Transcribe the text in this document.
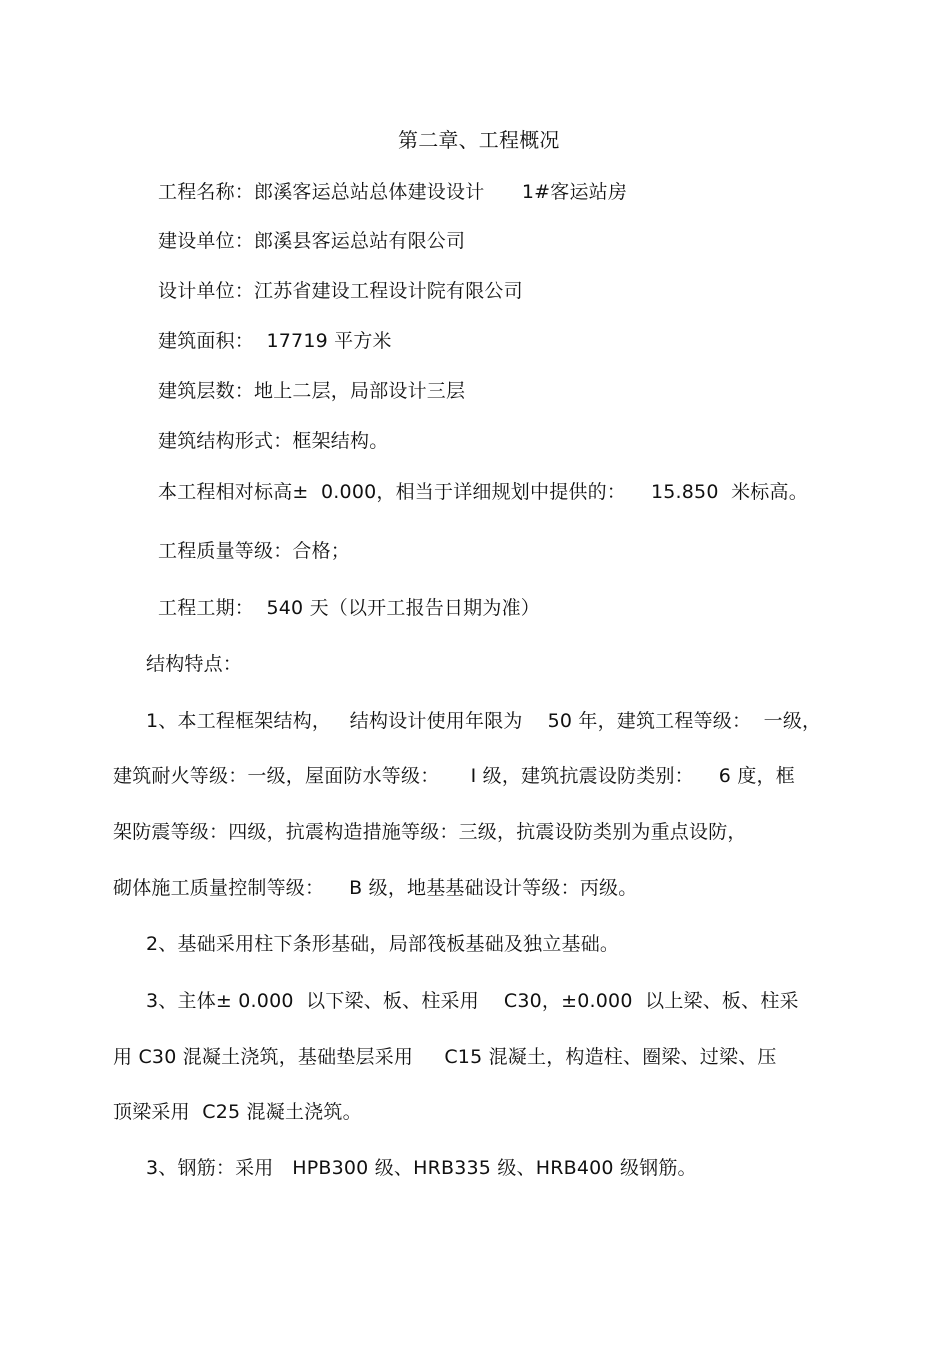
第二章、工程概况
工程名称：郎溪客运总站总体建设设计      1#客运站房
建设单位：郎溪县客运总站有限公司
设计单位：江苏省建设工程设计院有限公司
建筑面积：  17719 平方米
建筑层数：地上二层，局部设计三层
建筑结构形式：框架结构。
本工程相对标高±  0.000，相当于详细规划中提供的：    15.850  米标高。
工程质量等级：合格；
工程工期：  540 天（以开工报告日期为准）
结构特点：
1、本工程框架结构，   结构设计使用年限为    50 年，建筑工程等级：  一级，
建筑耐火等级：一级，屋面防水等级：     Ⅰ 级，建筑抗震设防类别：    6 度，框
架防震等级：四级，抗震构造措施等级：三级，抗震设防类别为重点设防，
砌体施工质量控制等级：    B 级，地基基础设计等级：丙级。
2、基础采用柱下条形基础，局部筏板基础及独立基础。
3、主体± 0.000  以下梁、板、柱采用    C30，±0.000  以上梁、板、柱采
用 C30 混凝土浇筑，基础垫层采用     C15 混凝土，构造柱、圈梁、过梁、压
顶梁采用  C25 混凝土浇筑。
3、钢筋：采用   HPB300 级、HRB335 级、HRB400 级钢筋。
